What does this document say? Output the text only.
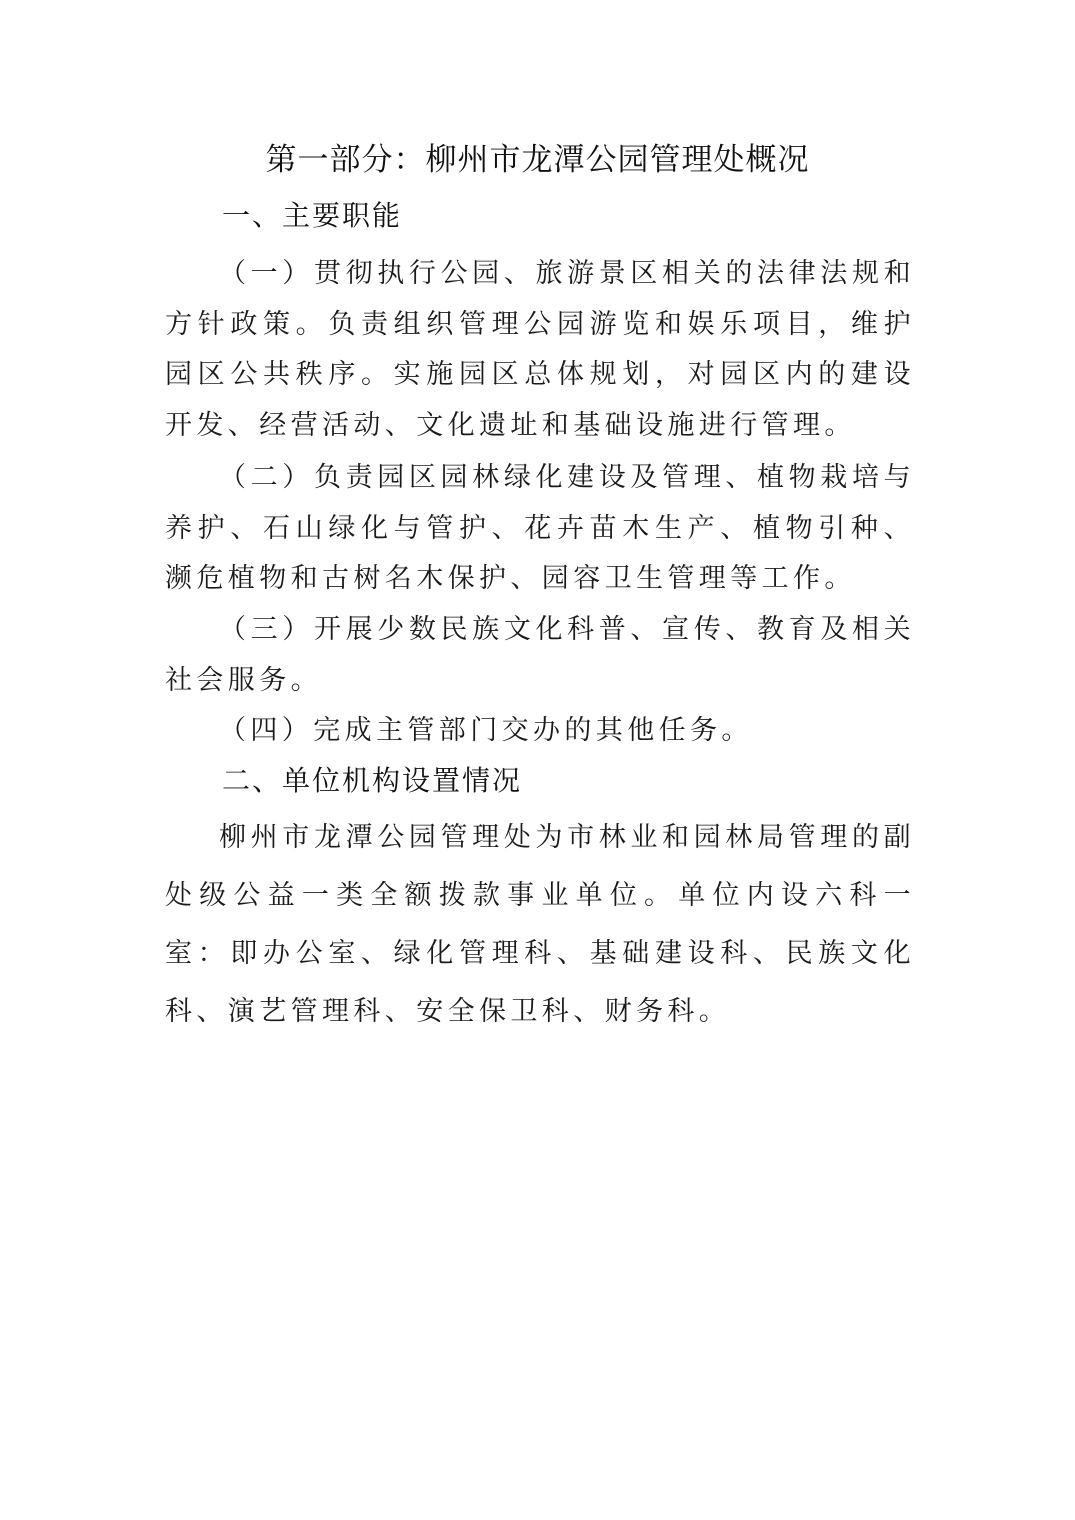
第一部分：柳州市龙潭公园管理处概况
一、主要职能

（一）贯彻执行公园、旅游景区相关的法律法规和方针政策。负责组织管理公园游览和娱乐项目，维护园区公共秩序。实施园区总体规划，对园区内的建设开发、经营活动、文化遗址和基础设施进行管理。

（二）负责园区园林绿化建设及管理、植物栽培与养护、石山绿化与管护、花卉苗木生产、植物引种、濒危植物和古树名木保护、园容卫生管理等工作。

（三）开展少数民族文化科普、宣传、教育及相关社会服务。

（四）完成主管部门交办的其他任务。

二、单位机构设置情况

柳州市龙潭公园管理处为市林业和园林局管理的副处级公益一类全额拨款事业单位。单位内设六科一室：即办公室、绿化管理科、基础建设科、民族文化科、演艺管理科、安全保卫科、财务科。
